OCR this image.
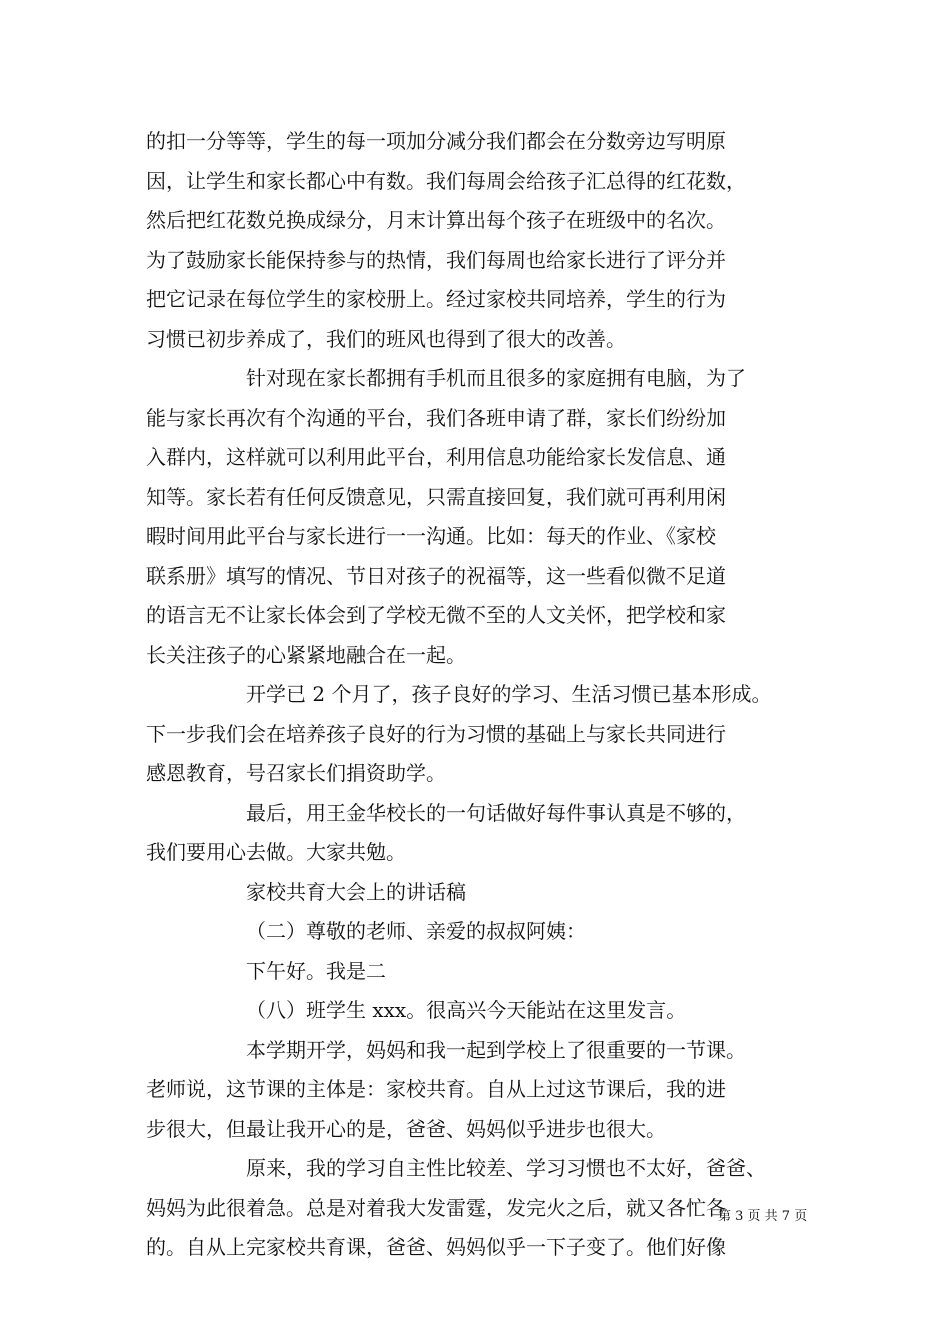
的扣一分等等，学生的每一项加分减分我们都会在分数旁边写明原
因，让学生和家长都心中有数。我们每周会给孩子汇总得的红花数，
然后把红花数兑换成绿分，月末计算出每个孩子在班级中的名次。
为了鼓励家长能保持参与的热情，我们每周也给家长进行了评分并
把它记录在每位学生的家校册上。经过家校共同培养，学生的行为
习惯已初步养成了，我们的班风也得到了很大的改善。
针对现在家长都拥有手机而且很多的家庭拥有电脑，为了
能与家长再次有个沟通的平台，我们各班申请了群，家长们纷纷加
入群内，这样就可以利用此平台，利用信息功能给家长发信息、通
知等。家长若有任何反馈意见，只需直接回复，我们就可再利用闲
暇时间用此平台与家长进行一一沟通。比如：每天的作业、《家校
联系册》填写的情况、节日对孩子的祝福等，这一些看似微不足道
的语言无不让家长体会到了学校无微不至的人文关怀，把学校和家
长关注孩子的心紧紧地融合在一起。
开学已 2 个月了，孩子良好的学习、生活习惯已基本形成。
下一步我们会在培养孩子良好的行为习惯的基础上与家长共同进行
感恩教育，号召家长们捐资助学。
最后，用王金华校长的一句话做好每件事认真是不够的，
我们要用心去做。大家共勉。
家校共育大会上的讲话稿
（二）尊敬的老师、亲爱的叔叔阿姨：
下午好。我是二
（八）班学生 xxx。很高兴今天能站在这里发言。
本学期开学，妈妈和我一起到学校上了很重要的一节课。
老师说，这节课的主体是：家校共育。自从上过这节课后，我的进
步很大，但最让我开心的是，爸爸、妈妈似乎进步也很大。
原来，我的学习自主性比较差、学习习惯也不太好，爸爸、
妈妈为此很着急。总是对着我大发雷霆，发完火之后，就又各忙各
的。自从上完家校共育课，爸爸、妈妈似乎一下子变了。他们好像
第 3 页 共 7 页
